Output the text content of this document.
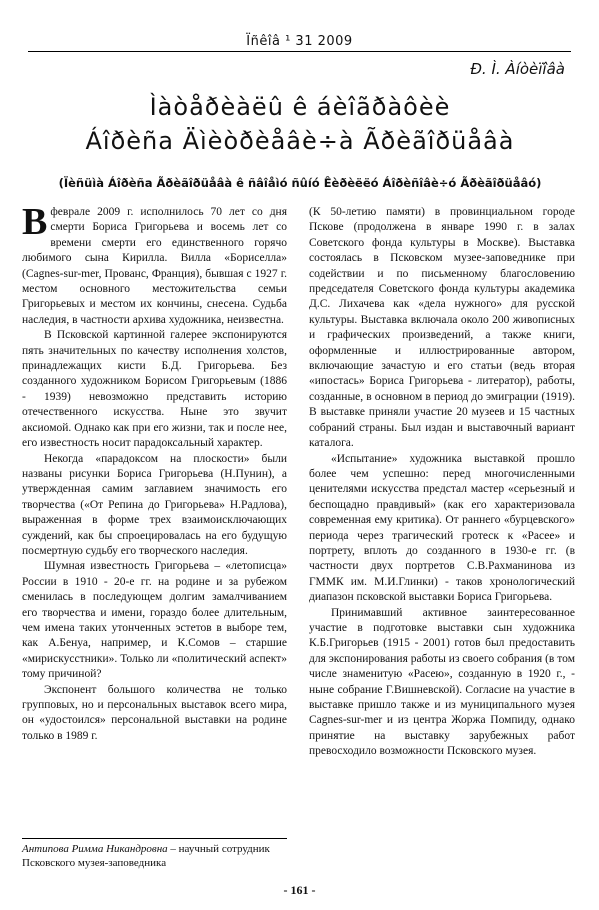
Ïñêîâ ¹ 31 2009
Ð. Ì. Àíòèïîâà
Ìàòåðèàëû ê áèîãðàôèè
Áîðèña Äìèòðèåâè÷à Ãðèãîðüåâà
(Ïèñüìà Áîðèña Ãðèãîðüåâà ê ñâîåìó ñûíó Êèðèëëó Áîðèñîâè÷ó Ãðèãîðüåâó)

Вфеврале 2009 г. исполнилось 70 лет со дня смерти Бориса Григорьева и восемь лет со времени смерти его единственного горячо любимого сына Кирилла. Вилла «Бориселла» (Cagnes-sur-mer, Прованс, Франция), бывшая с 1927 г. местом основного местожительства семьи Григорьевых и местом их кончины, снесена. Судьба наследия, в частности архива художника, неизвестна.

В Псковской картинной галерее экспонируются пять значительных по качеству исполнения холстов, принадлежащих кисти Б.Д. Григорьева. Без созданного художником Борисом Григорьевым (1886 - 1939) невозможно представить историю отечественного искусства. Ныне это звучит аксиомой. Однако как при его жизни, так и после нее, его известность носит парадоксальный характер.

Некогда «парадоксом на плоскости» были названы рисунки Бориса Григорьева (Н.Пунин), а утвержденная самим заглавием значимость его творчества («От Репина до Григорьева» Н.Радлова), выраженная в форме трех взаимоисключающих суждений, как бы спроецировалась на его будущую посмертную судьбу его творческого наследия.

Шумная известность Григорьева – «летописца» России в 1910 - 20-е гг. на родине и за рубежом сменилась в последующем долгим замалчиванием его творчества и имени, гораздо более длительным, чем имена таких утонченных эстетов в выборе тем, как А.Бенуа, например, и К.Сомов – старшие «мирискусстники». Только ли «политический аспект» тому причиной?

Экспонент большого количества не только групповых, но и персональных выставок всего мира, он «удостоился» персональной выставки на родине только в 1989 г.

(К 50-летию памяти) в провинциальном городе Пскове (продолжена в январе 1990 г. в залах Советского фонда культуры в Москве). Выставка состоялась в Псковском музее-заповеднике при содействии и по письменному благословению председателя Советского фонда культуры академика Д.С. Лихачева как «дела нужного» для русской культуры. Выставка включала около 200 живописных и графических произведений, а также книги, оформленные и иллюстрированные автором, включающие зачастую и его статьи (ведь вторая «ипостась» Бориса Григорьева - литератор), работы, созданные, в основном в период до эмиграции (1919). В выставке приняли участие 20 музеев и 15 частных собраний страны. Был издан и выставочный вариант каталога.

«Испытание» художника выставкой прошло более чем успешно: перед многочисленными ценителями искусства предстал мастер «серьезный и беспощадно правдивый» (как его характеризовала современная ему критика). От раннего «бурцевского» периода через трагический гротеск к «Расее» и портрету, вплоть до созданного в 1930-е гг. (в частности двух портретов С.В.Рахманинова из ГММК им. М.И.Глинки) - таков хронологический диапазон псковской выставки Бориса Григорьева.

Принимавший активное заинтересованное участие в подготовке выставки сын художника К.Б.Григорьев (1915 - 2001) готов был предоставить для экспонирования работы из своего собрания (в том числе знаменитую «Расею», созданную в 1920 г., - ныне собрание Г.Вишневской). Согласие на участие в выставке пришло также и из муниципального музея Cagnes-sur-mer и из центра Жоржа Помпиду, однако принятие на выставку зарубежных работ превосходило возможности Псковского музея.

Антипова Римма Никандровна – научный сотрудник Псковского музея-заповедника
- 161 -
